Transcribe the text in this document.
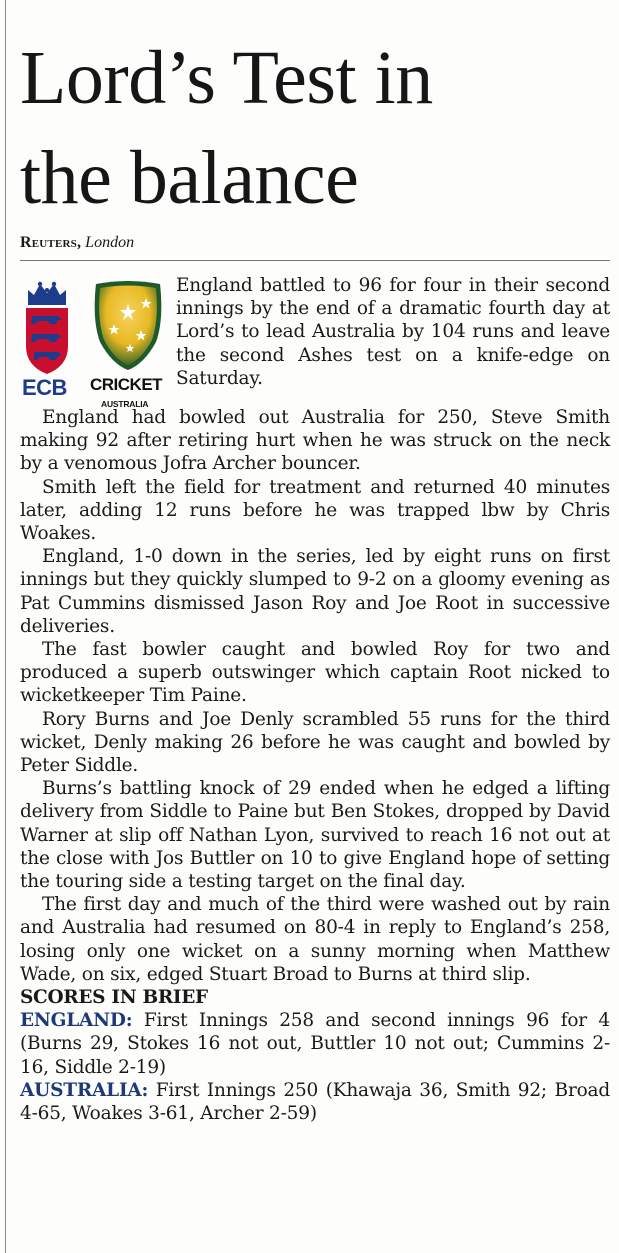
Lord’s Test in
the balance
Reuters, London
ECB CRICKET
AUSTRALIA

England battled to 96 for four in their second innings by the end of a dramatic fourth day at Lord’s to lead Australia by 104 runs and leave the second Ashes test on a knife-edge on Saturday.

England had bowled out Australia for 250, Steve Smith making 92 after retiring hurt when he was struck on the neck by a venomous Jofra Archer bouncer.

Smith left the field for treatment and returned 40 minutes later, adding 12 runs before he was trapped lbw by Chris Woakes.

England, 1-0 down in the series, led by eight runs on first innings but they quickly slumped to 9-2 on a gloomy evening as Pat Cummins dismissed Jason Roy and Joe Root in successive deliveries.

The fast bowler caught and bowled Roy for two and produced a superb outswinger which captain Root nicked to wicketkeeper Tim Paine.

Rory Burns and Joe Denly scrambled 55 runs for the third wicket, Denly making 26 before he was caught and bowled by Peter Siddle.

Burns’s battling knock of 29 ended when he edged a lifting delivery from Siddle to Paine but Ben Stokes, dropped by David Warner at slip off Nathan Lyon, survived to reach 16 not out at the close with Jos Buttler on 10 to give England hope of setting the touring side a testing target on the final day.

The first day and much of the third were washed out by rain and Australia had resumed on 80-4 in reply to England’s 258, losing only one wicket on a sunny morning when Matthew Wade, on six, edged Stuart Broad to Burns at third slip.

SCORES IN BRIEF

ENGLAND: First Innings 258 and second innings 96 for 4 (Burns 29, Stokes 16 not out, Buttler 10 not out; Cummins 2-16, Siddle 2-19)

AUSTRALIA: First Innings 250 (Khawaja 36, Smith 92; Broad 4-65, Woakes 3-61, Archer 2-59)
